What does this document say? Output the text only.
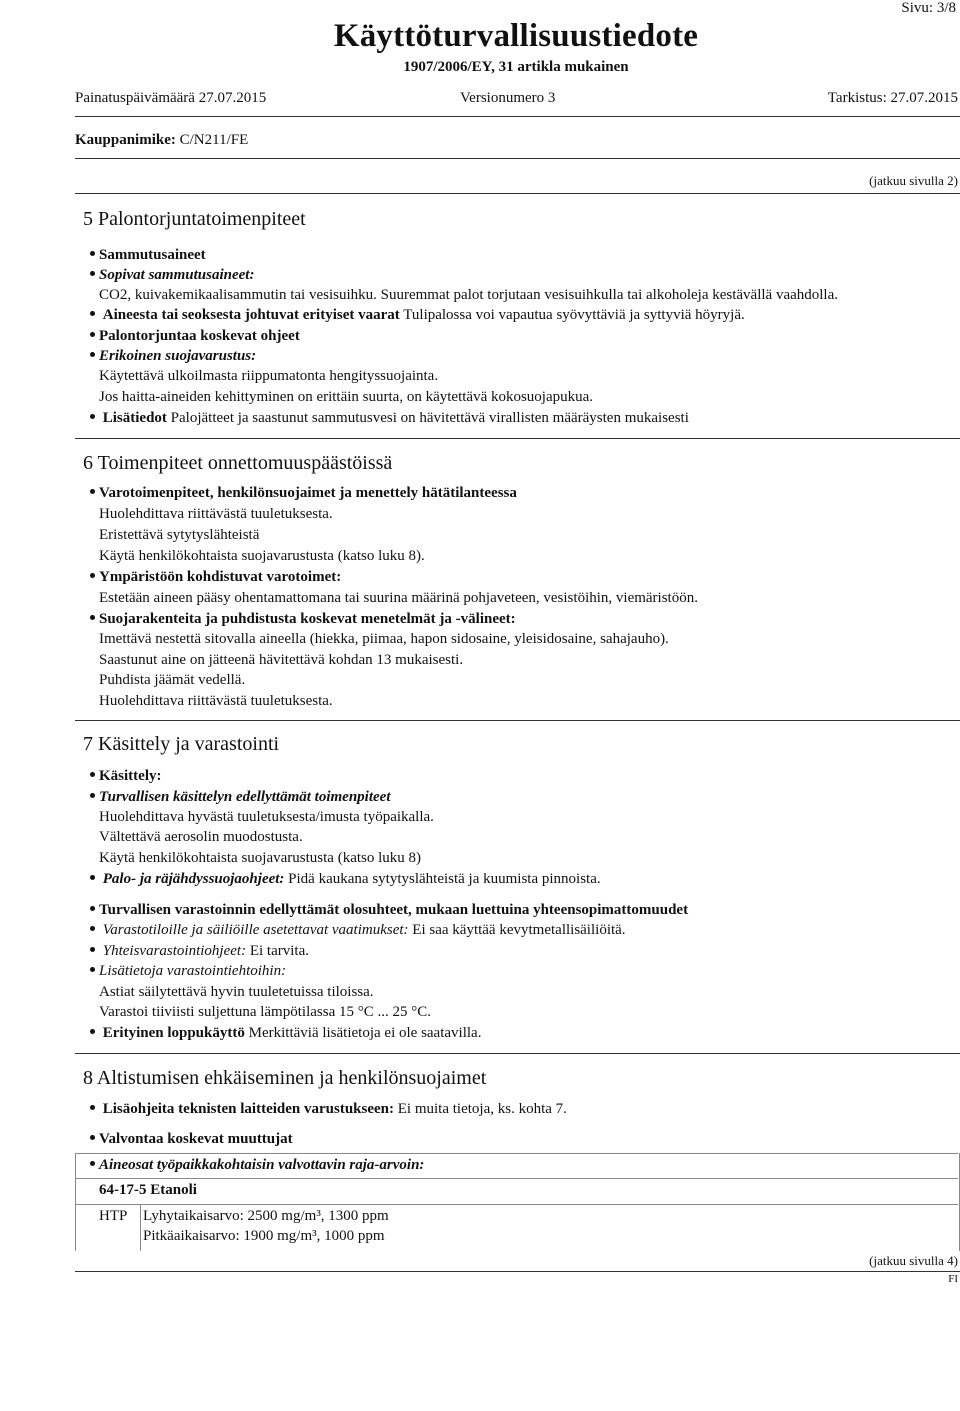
Sivu: 3/8
Käyttöturvallisuustiedote
1907/2006/EY, 31 artikla mukainen
Painatuspäivämäärä 27.07.2015	Versionumero 3	Tarkistus: 27.07.2015
Kauppanimike: C/N211/FE
(jatkuu sivulla 2)
5 Palontorjuntatoimenpiteet
Sammutusaineet
Sopivat sammutusaineet:
CO2, kuivakemikaalisammutin tai vesisuihku. Suuremmat palot torjutaan vesisuihkulla tai alkoholeja kestävällä vaahdolla.
Aineesta tai seoksesta johtuvat erityiset vaarat Tulipalossa voi vapautua syövyttäviä ja syttyviä höyryjä.
Palontorjuntaa koskevat ohjeet
Erikoinen suojavarustus:
Käytettävä ulkoilmasta riippumatonta hengityssuojainta.
Jos haitta-aineiden kehittyminen on erittäin suurta, on käytettävä kokosuojapukua.
Lisätiedot Palojätteet ja saastunut sammutusvesi on hävitettävä virallisten määräysten mukaisesti
6 Toimenpiteet onnettomuuspäästöissä
Varotoimenpiteet, henkilönsuojaimet ja menettely hätätilanteessa
Huolehdittava riittävästä tuuletuksesta.
Eristettävä sytytyslähteistä
Käytä henkilökohtaista suojavarustusta (katso luku 8).
Ympäristöön kohdistuvat varotoimet:
Estetään aineen pääsy ohentamattomana tai suurina määrinä pohjaveteen, vesistöihin, viemäristöön.
Suojarakenteita ja puhdistusta koskevat menetelmät ja -välineet:
Imettävä nestettä sitovalla aineella (hiekka, piimaa, hapon sidosaine, yleisidosaine, sahajauho).
Saastunut aine on jätteenä hävitettävä kohdan 13 mukaisesti.
Puhdista jäämät vedellä.
Huolehdittava riittävästä tuuletuksesta.
7 Käsittely ja varastointi
Käsittely:
Turvallisen käsittelyn edellyttämät toimenpiteet
Huolehdittava hyvästä tuuletuksesta/imusta työpaikalla.
Vältettävä aerosolin muodostusta.
Käytä henkilökohtaista suojavarustusta (katso luku 8)
Palo- ja räjähdyssuojaohjeet: Pidä kaukana sytytyslähteistä ja kuumista pinnoista.
Turvallisen varastoinnin edellyttämät olosuhteet, mukaan luettuina yhteensopimattomuudet
Varastotiloille ja säiliöille asetettavat vaatimukset: Ei saa käyttää kevytmetallisäiliöitä.
Yhteisvarastointiohjeet: Ei tarvita.
Lisätietoja varastointiehtoihin:
Astiat säilytettävä hyvin tuuletetuissa tiloissa.
Varastoi tiiviisti suljettuna lämpötilassa 15 °C ... 25 °C.
Erityinen loppukäyttö Merkittäviä lisätietoja ei ole saatavilla.
8 Altistumisen ehkäiseminen ja henkilönsuojaimet
Lisäohjeita teknisten laitteiden varustukseen: Ei muita tietoja, ks. kohta 7.
Valvontaa koskevat muuttujat
Aineosat työpaikkakohtaisin valvottavin raja-arvoin:
64-17-5 Etanoli
HTP Lyhytaikaisarvo: 2500 mg/m³, 1300 ppm
Pitkäaikaisarvo: 1900 mg/m³, 1000 ppm
(jatkuu sivulla 4)
FI
